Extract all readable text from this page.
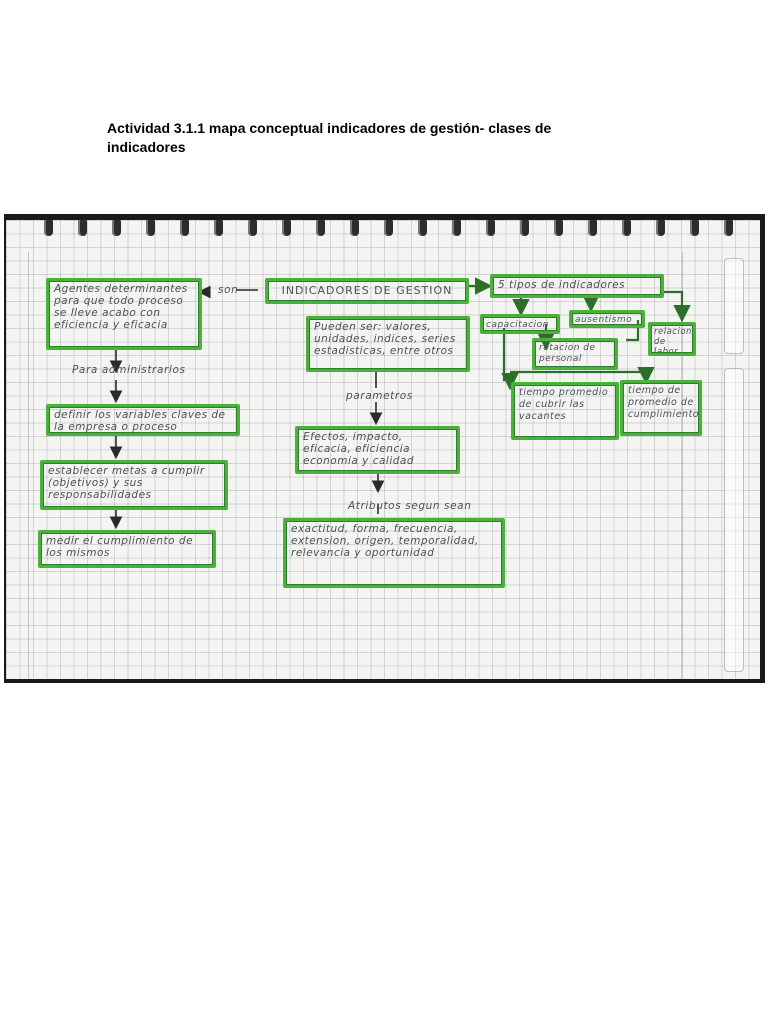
Actividad 3.1.1 mapa conceptual indicadores de gestión- clases de
indicadores
INDICADORES DE GESTION
son
Agentes determinantes para que todo proceso se lleve acabo con eficiencia y eficacia
Para administrarlos
definir los variables claves de la empresa o proceso
establecer metas a cumplir (objetivos) y sus responsabilidades
medir el cumplimiento de los mismos
Pueden ser: valores, unidades, indices, series estadisticas, entre otros
parametros
Efectos, impacto, eficacia, eficiencia economia y calidad
Atributos segun sean
exactitud, forma, frecuencia, extension, origen, temporalidad, relevancia y oportunidad
5 tipos de indicadores
capacitacion	ausentismo
relacion de labor
rotacion de personal
tiempo promedio de cubrir las vacantes
tiempo de promedio de cumplimiento
